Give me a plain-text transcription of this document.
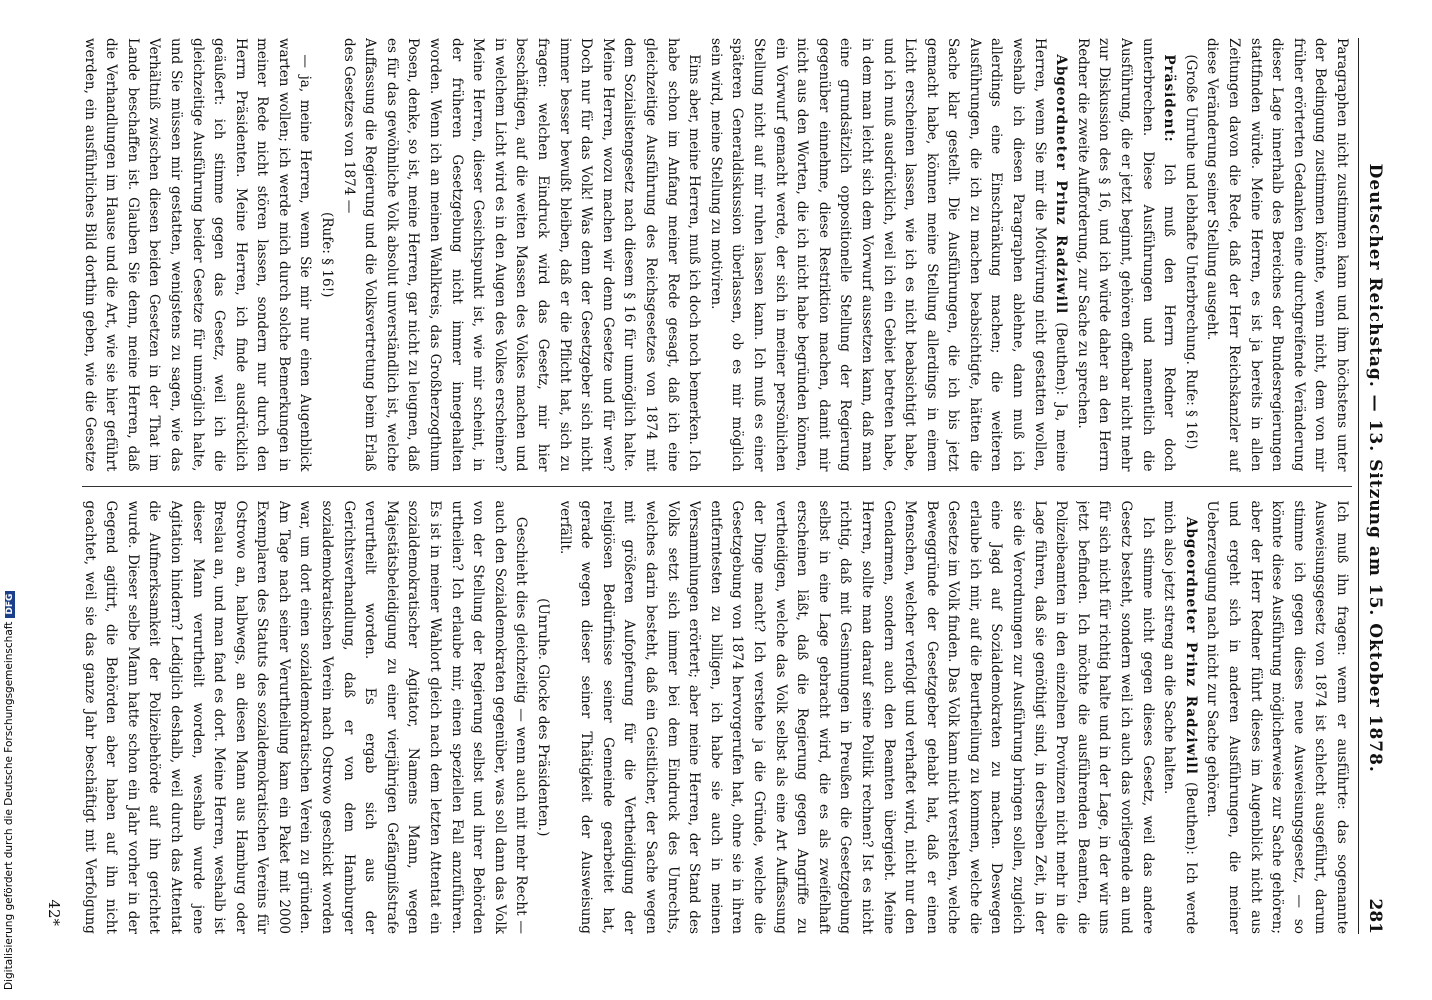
Digitalisierung gefördert durch die Deutsche ForschungsgemeinschaftDFG	Deutscher Reichstag. — 13. Sitzung am 15. Oktober 1878.
281

Paragraphen nicht zustimmen kann und ihm höchstens unter der Bedingung zustimmen könnte, wenn nicht, dem von mir früher erörterten Gedanken eine durchgreifende Veränderung dieser Lage innerhalb des Bereiches der Bundesregierungen stattfinden würde. Meine Herren, es ist ja bereits in allen Zeitungen davon die Rede, daß der Herr Reichskanzler auf diese Veränderung seiner Stellung ausgeht.

(Große Unruhe und lebhafte Unterbrechung. Rufe: § 16!)

Präsident: Ich muß den Herrn Redner doch unterbrechen. Diese Ausführungen und namentlich die Ausführung, die er jetzt beginnt, gehören offenbar nicht mehr zur Diskussion des § 16, und ich würde daher an den Herrn Redner die zweite Aufforderung, zur Sache zu sprechen.

Abgeordneter Prinz Radziwill (Beuthen): Ja, meine Herren, wenn Sie mir die Motivirung nicht gestatten wollen, weshalb ich diesen Paragraphen ablehne, dann muß ich allerdings eine Einschränkung machen; die weiteren Ausführungen, die ich zu machen beabsichtigte, hätten die Sache klar gestellt. Die Ausführungen, die ich bis jetzt gemacht habe, können meine Stellung allerdings in einem Licht erscheinen lassen, wie ich es nicht beabsichtigt habe, und ich muß ausdrücklich, weil ich ein Gebiet betreten habe, in dem man leicht sich dem Vorwurf aussetzen kann, daß man eine grundsätzlich oppositionelle Stellung der Regierung gegenüber einnehme, diese Restriktion machen, damit mir nicht aus den Worten, die ich nicht habe begründen können, ein Vorwurf gemacht werde, der sich in meiner persönlichen Stellung nicht auf mir ruhen lassen kann. Ich muß es einer späteren Generaldiskussion überlassen, ob es mir möglich sein wird, meine Stellung zu motiviren.

Eins aber, meine Herren, muß ich doch noch bemerken. Ich habe schon im Anfang meiner Rede gesagt, daß ich eine gleichzeitige Ausführung des Reichsgesetzes von 1874 mit dem Sozialistengesetz nach diesem § 16 für unmöglich halte. Meine Herren, wozu machen wir denn Gesetze und für wen? Doch nur für das Volk! Was denn der Gesetzgeber sich nicht immer besser bewußt bleiben, daß er die Pflicht hat, sich zu fragen: welchen Eindruck wird das Gesetz, mir hier beschäftigen, auf die weiten Massen des Volkes machen und in welchem Licht wird es in den Augen des Volkes erscheinen? Meine Herren, dieser Gesichtspunkt ist, wie mir scheint, in der früheren Gesetzgebung nicht immer innegehalten worden. Wenn ich an meinen Wahlkreis, das Großherzogthum Posen, denke, so ist, meine Herren, gar nicht zu leugnen, daß es für das gewöhnliche Volk absolut unverständlich ist, welche Auffassung die Regierung und die Volksvertretung beim Erlaß des Gesetzes von 1874 —

(Rufe: § 16!)

— ja, meine Herren, wenn Sie mir nur einen Augenblick warten wollen; ich werde mich durch solche Bemerkungen in meiner Rede nicht stören lassen, sondern nur durch den Herrn Präsidenten. Meine Herren, ich finde ausdrücklich geäußert: ich stimme gegen das Gesetz, weil ich die gleichzeitige Ausführung beider Gesetze für unmöglich halte, und Sie müssen mir gestatten, wenigstens zu sagen, wie das Verhältniß zwischen diesen beiden Gesetzen in der That im Lande beschaffen ist. Glauben Sie denn, meine Herren, daß die Verhandlungen im Hause und die Art, wie sie hier geführt werden, ein ausführliches Bild dorthin geben, wie die Gesetze

Ich muß ihn fragen: wenn er ausführte: das sogenannte Ausweisungsgesetz von 1874 ist schlecht ausgeführt, darum stimme ich gegen dieses neue Ausweisungsgesetz, — so könnte diese Ausführung möglicherweise zur Sache gehören; aber der Herr Redner führt dieses im Augenblick nicht aus und ergeht sich in anderen Ausführungen, die meiner Ueberzeugung nach nicht zur Sache gehören.

Abgeordneter Prinz Radziwill (Beuthen): Ich werde mich also jetzt streng an die Sache halten.

Ich stimme nicht gegen dieses Gesetz, weil das andere Gesetz besteht, sondern weil ich auch das vorliegende an und für sich nicht für richtig halte und in der Lage, in der wir uns jetzt befinden. Ich möchte die ausführenden Beamten, die Polizeibeamten in den einzelnen Provinzen nicht mehr in die Lage führen, daß sie genöthigt sind, in derselben Zeit, in der sie die Verordnungen zur Ausführung bringen sollen, zugleich eine Jagd auf Sozialdemokraten zu machen. Deswegen erlaube ich mir, auf die Beurtheilung zu kommen, welche die Gesetze im Volk finden. Das Volk kann nicht verstehen, welche Beweggründe der Gesetzgeber gehabt hat, daß er einen Menschen, welcher verfolgt und verhaftet wird, nicht nur den Gendarmen, sondern auch den Beamten übergiebt. Meine Herren, sollte man darauf seine Politik rechnen? Ist es nicht richtig, daß mit Gesinnungen in Preußen die Gesetzgebung selbst in eine Lage gebracht wird, die es als zweifelhaft erscheinen läßt, daß die Regierung gegen Angriffe zu vertheidigen, welche das Volk selbst als eine Art Auffassung der Dinge macht? Ich verstehe ja die Gründe, welche die Gesetzgebung von 1874 hervorgerufen hat, ohne sie in ihren entferntesten zu billigen, ich habe sie auch in meinen Versammlungen erörtert; aber meine Herren, der Stand des Volks setzt sich immer bei dem Eindruck des Unrechts, welches darin besteht, daß ein Geistlicher, der Sache wegen mit größeren Aufopferung für die Vertheidigung der religiösen Bedürfnisse seiner Gemeinde gearbeitet hat, gerade wegen dieser seiner Thätigkeit der Ausweisung verfällt.

(Unruhe. Glocke des Präsidenten.)

Geschieht dies gleichzeitig — wenn auch mit mehr Recht — auch den Sozialdemokraten gegenüber, was soll dann das Volk von der Stellung der Regierung selbst und ihrer Behörden urtheilen? Ich erlaube mir, einen speziellen Fall anzuführen. Es ist in meiner Wahlort gleich nach dem letzten Attentat ein sozialdemokratischer Agitator, Namens Mann, wegen Majestätsbeleidigung zu einer vierjährigen Gefängnißstrafe verurtheilt worden. Es ergab sich aus der Gerichtsverhandlung, daß er von dem Hamburger sozialdemokratischen Verein nach Ostrowo geschickt worden war, um dort einen sozialdemokratischen Verein zu gründen. Am Tage nach seiner Verurtheilung kam ein Paket mit 2000 Exemplaren des Statuts des sozialdemokratischen Vereins für Ostrowo an, halbwegs, an diesen Mann aus Hamburg oder Breslau an, und man fand es dort. Meine Herren, weshalb ist dieser Mann verurtheilt worden, weshalb wurde jene Agitation hindern? Lediglich deshalb, weil durch das Attentat die Aufmerksamkeit der Polizeibehörde auf ihn gerichtet wurde. Dieser selbe Mann hatte schon ein Jahr vorher in der Gegend agitirt, die Behörden aber haben auf ihn nicht geachtet, weil sie das ganze Jahr beschäftigt mit Verfolgung

42*
